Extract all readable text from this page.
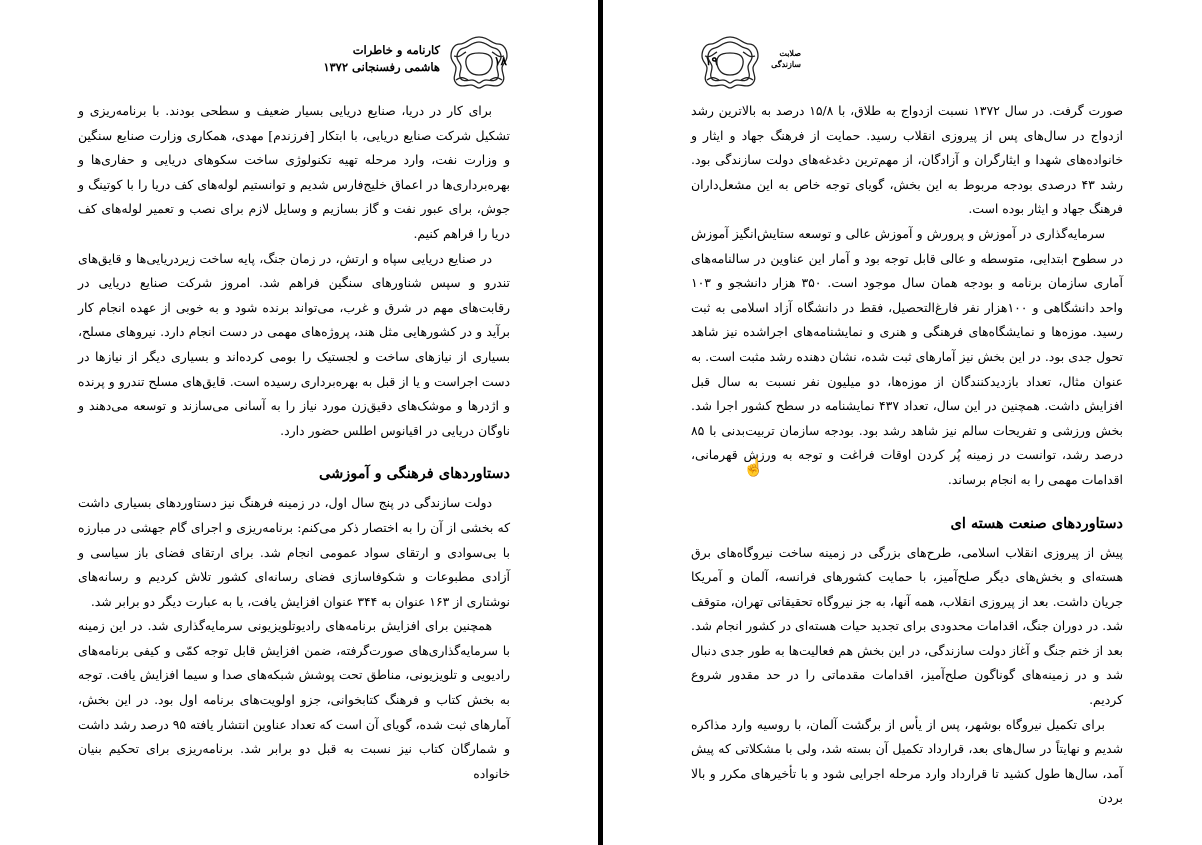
کارنامه و خاطرات
هاشمی رفسنجانی ۱۳۷۲	۱۸

برای کار در دریا، صنایع دریایی بسیار ضعیف و سطحی بودند. با برنامه‌ریزی و تشکیل شرکت صنایع دریایی، با ابتکار [فرزندم] مهدی، همکاری وزارت صنایع سنگین و وزارت نفت، وارد مرحله تهیه تکنولوژی ساخت سکوهای دریایی و حفاری‌ها و بهره‌برداری‌ها در اعماق خلیج‌فارس شدیم و توانستیم لوله‌های کف دریا را با کوتینگ و جوش، برای عبور نفت و گاز بسازیم و وسایل لازم برای نصب و تعمیر لوله‌های کف دریا را فراهم کنیم.

در صنایع دریایی سپاه و ارتش، در زمان جنگ، پایه ساخت زیردریایی‌ها و قایق‌های تندرو و سپس شناورهای سنگین فراهم شد. امروز شرکت صنایع دریایی در رقابت‌های مهم در شرق و غرب، می‌تواند برنده شود و به خوبی از عهده انجام کار برآید و در کشورهایی مثل هند، پروژه‌های مهمی در دست انجام دارد. نیروهای مسلح، بسیاری از نیازهای ساخت و لجستیک را بومی کرده‌اند و بسیاری دیگر از نیازها در دست اجراست و یا از قبل به بهره‌برداری رسیده است. قایق‌های مسلح تندرو و پرنده و اژدرها و موشک‌های دقیق‌زن مورد نیاز را به آسانی می‌سازند و توسعه می‌دهند و ناوگان دریایی در اقیانوس اطلس حضور دارد.

دستاوردهای فرهنگی و آموزشی

دولت سازندگی در پنج سال اول، در زمینه فرهنگ نیز دستاوردهای بسیاری داشت که بخشی از آن را به اختصار ذکر می‌کنم: برنامه‌ریزی و اجرای گام جهشی در مبارزه با بی‌سوادی و ارتقای سواد عمومی انجام شد. برای ارتقای فضای باز سیاسی و آزادی مطبوعات و شکوفاسازی فضای رسانه‌ای کشور تلاش کردیم و رسانه‌های نوشتاری از ۱۶۳ عنوان به ۳۴۴ عنوان افزایش یافت، یا به عبارت دیگر دو برابر شد.

همچنین برای افزایش برنامه‌های رادیوتلویزیونی سرمایه‌گذاری شد. در این زمینه با سرمایه‌گذاری‌های صورت‌گرفته، ضمن افزایش قابل توجه کمّی و کیفی برنامه‌های رادیویی و تلویزیونی، مناطق تحت پوشش شبکه‌های صدا و سیما افزایش یافت. توجه به بخش کتاب و فرهنگ کتابخوانی، جزو اولویت‌های برنامه اول بود. در این بخش، آمارهای ثبت شده، گویای آن است که تعداد عناوین انتشار یافته ۹۵ درصد رشد داشت و شمارگان کتاب نیز نسبت به قبل دو برابر شد. برنامه‌ریزی برای تحکیم بنیان خانواده

۱۹
صلابت
سازندگی

صورت گرفت. در سال ۱۳۷۲ نسبت ازدواج به طلاق، با ۱۵/۸ درصد به بالاترین رشد ازدواج در سال‌های پس از پیروزی انقلاب رسید. حمایت از فرهنگ جهاد و ایثار و خانواده‌های شهدا و ایثارگران و آزادگان، از مهم‌ترین دغدغه‌های دولت سازندگی بود. رشد ۴۳ درصدی بودجه مربوط به این بخش، گویای توجه خاص به این مشعل‌داران فرهنگ جهاد و ایثار بوده است.

سرمایه‌گذاری در آموزش و پرورش و آموزش عالی و توسعه ستایش‌انگیز آموزش در سطوح ابتدایی، متوسطه و عالی قابل توجه بود و آمار این عناوین در سالنامه‌های آماری سازمان برنامه و بودجه همان سال موجود است. ۳۵۰ هزار دانشجو و ۱۰۳ واحد دانشگاهی و ۱۰۰هزار نفر فارغ‌التحصیل، فقط در دانشگاه آزاد اسلامی به ثبت رسید. موزه‌ها و نمایشگاه‌های فرهنگی و هنری و نمایشنامه‌های اجراشده نیز شاهد تحول جدی بود. در این بخش نیز آمارهای ثبت شده، نشان دهنده رشد مثبت است. به عنوان مثال، تعداد بازدیدکنندگان از موزه‌ها، دو میلیون نفر نسبت به سال قبل افزایش داشت. همچنین در این سال، تعداد ۴۳۷ نمایشنامه در سطح کشور اجرا شد. بخش ورزشی و تفریحات سالم نیز شاهد رشد بود. بودجه سازمان تربیت‌بدنی با ۸۵ درصد رشد، توانست در زمینه پُر کردن اوقات فراغت و توجه به ورزش قهرمانی، اقدامات مهمی را به انجام برساند.

دستاوردهای صنعت هسته ای

پیش از پیروزی انقلاب اسلامی، طرح‌های بزرگی در زمینه ساخت نیروگاه‌های برق هسته‌ای و بخش‌های دیگر صلح‌آمیز، با حمایت کشورهای فرانسه، آلمان و آمریکا جریان داشت. بعد از پیروزی انقلاب، همه آنها، به جز نیروگاه تحقیقاتی تهران، متوقف شد. در دوران جنگ، اقدامات محدودی برای تجدید حیات هسته‌ای در کشور انجام شد. بعد از ختم جنگ و آغاز دولت سازندگی، در این بخش هم فعالیت‌ها به طور جدی دنبال شد و در زمینه‌های گوناگون صلح‌آمیز، اقدامات مقدماتی را در حد مقدور شروع کردیم.

برای تکمیل نیروگاه بوشهر، پس از یأس از برگشت آلمان، با روسیه وارد مذاکره شدیم و نهایتاً در سال‌های بعد، قرارداد تکمیل آن بسته شد، ولی با مشکلاتی که پیش آمد، سال‌ها طول کشید تا قرارداد وارد مرحله اجرایی شود و با تأخیرهای مکرر و بالا بردن

☝
